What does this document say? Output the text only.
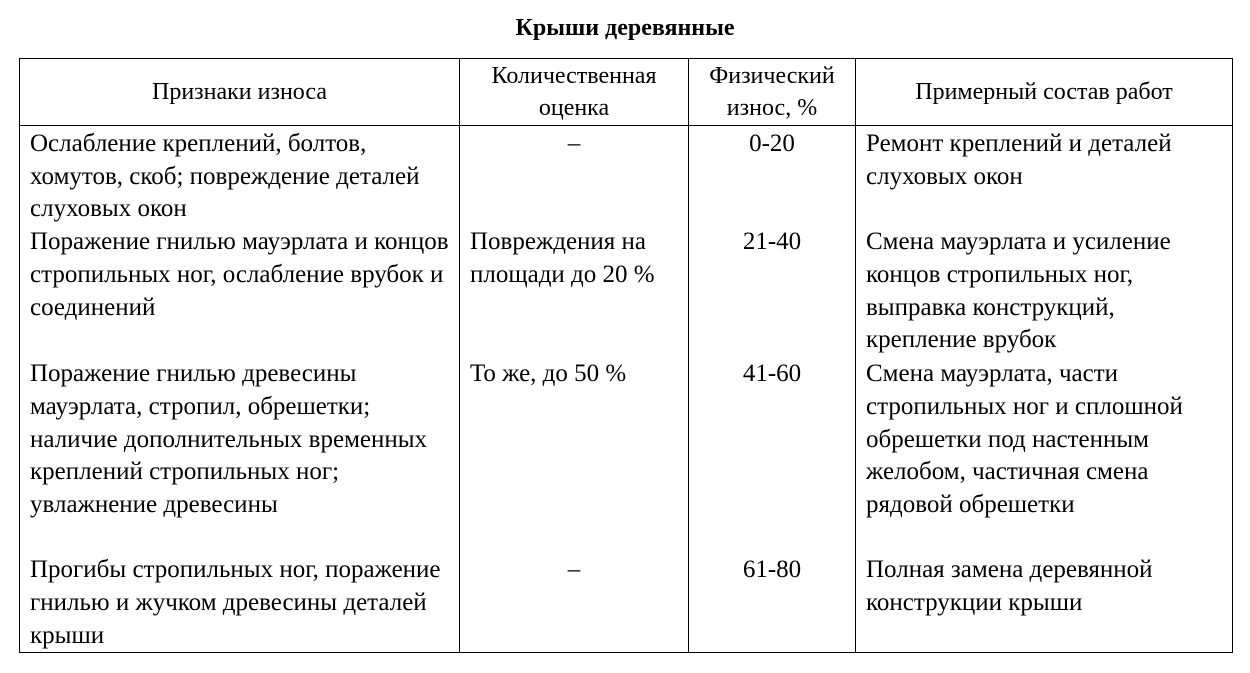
Крыши деревянные
Признаки износа	Количественная оценка	Физический износ, %	Примерный состав работ
Ослабление креплений, болтов, хомутов, скоб; повреждение деталей слуховых окон	–	0-20	Ремонт креплений и деталей слуховых окон
Поражение гнилью мауэрлата и концов стропильных ног, ослабление врубок и соединений	Повреждения на площади до 20 %	21-40	Смена мауэрлата и усиление концов стропильных ног, выправка конструкций, крепление врубок
Поражение гнилью древесины мауэрлата, стропил, обрешетки; наличие дополнительных временных креплений стропильных ног; увлажнение древесины	То же, до 50 %	41-60	Смена мауэрлата, части стропильных ног и сплошной обрешетки под настенным желобом, частичная смена рядовой обрешетки
Прогибы стропильных ног, поражение гнилью и жучком древесины деталей крыши	–	61-80	Полная замена деревянной конструкции крыши
